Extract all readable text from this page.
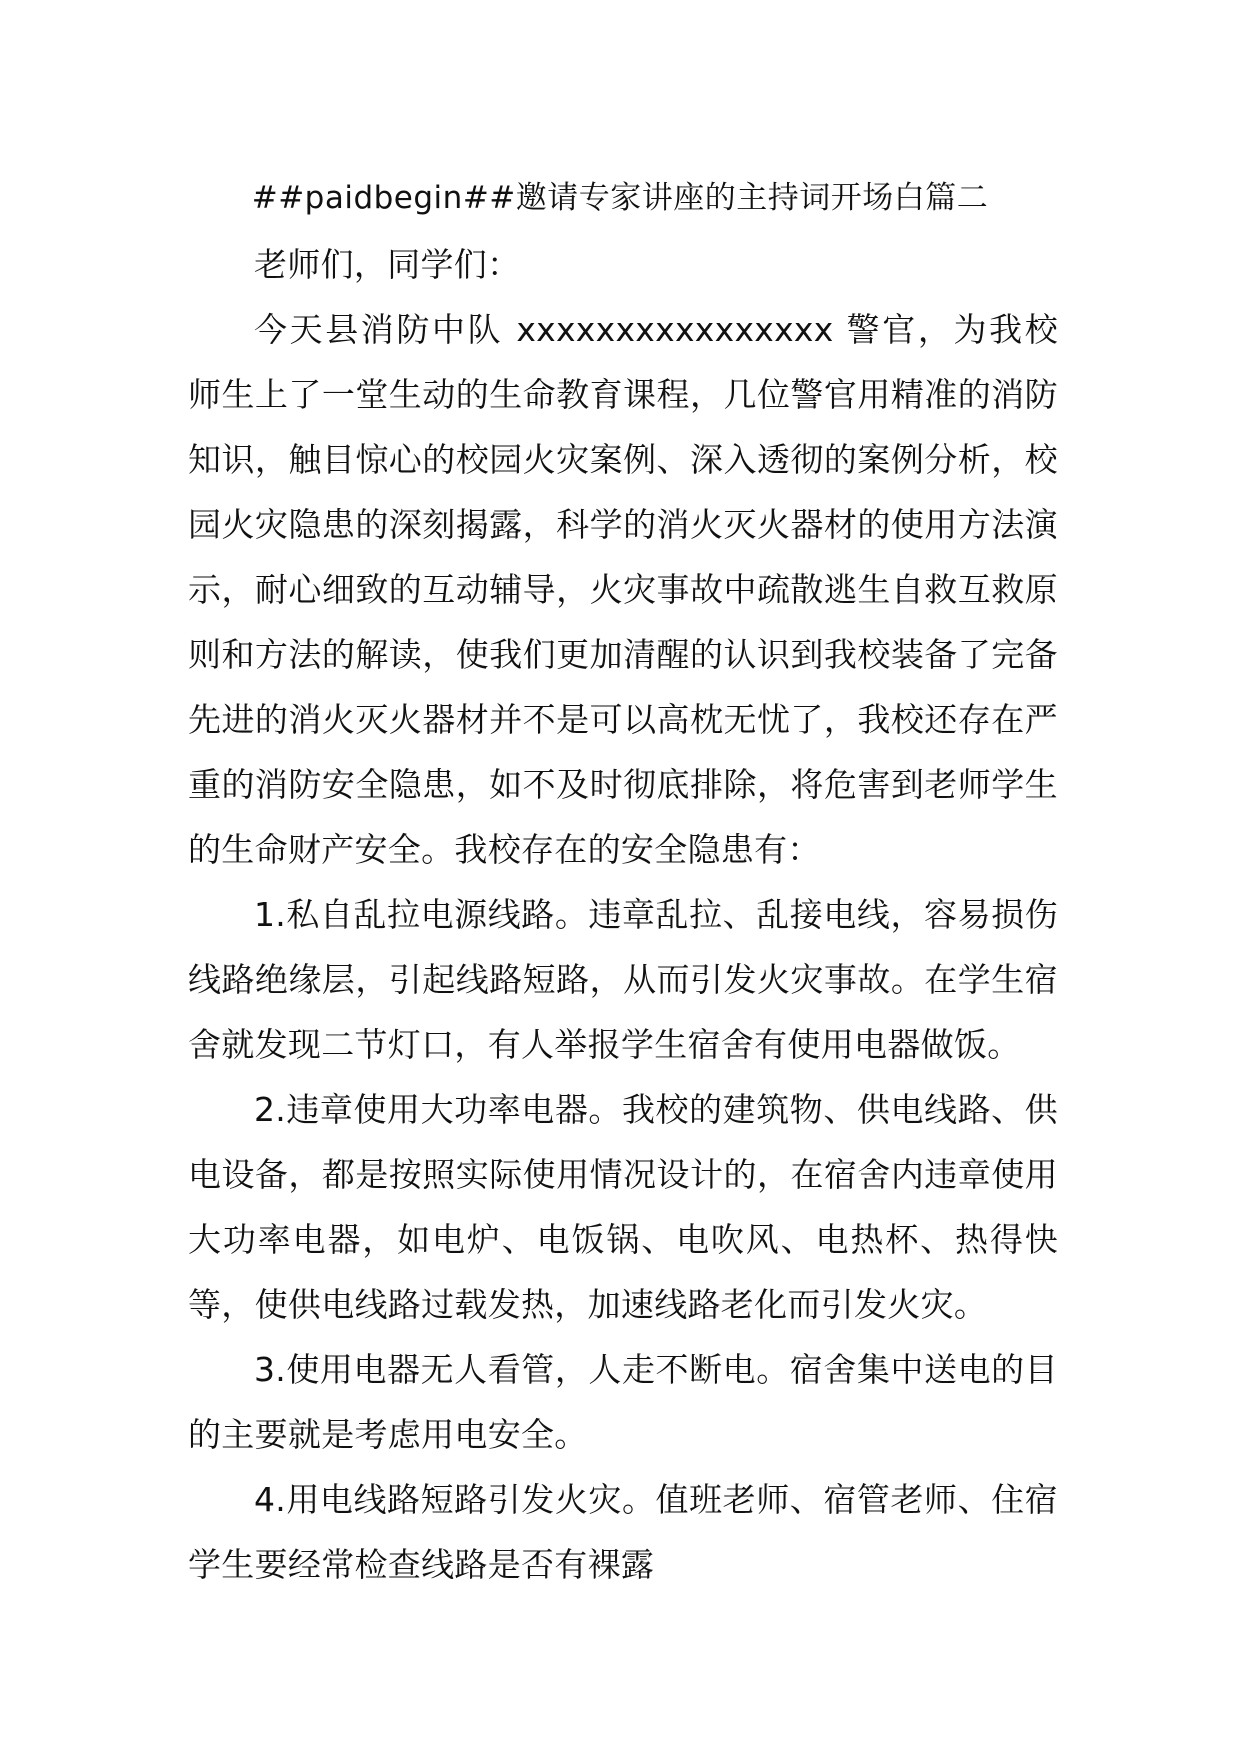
##paidbegin##邀请专家讲座的主持词开场白篇二

老师们，同学们：

今天县消防中队 xxxxxxxxxxxxxxxx 警官，为我校师生上了一堂生动的生命教育课程，几位警官用精准的消防知识，触目惊心的校园火灾案例、深入透彻的案例分析，校园火灾隐患的深刻揭露，科学的消火灭火器材的使用方法演示，耐心细致的互动辅导，火灾事故中疏散逃生自救互救原则和方法的解读，使我们更加清醒的认识到我校装备了完备先进的消火灭火器材并不是可以高枕无忧了，我校还存在严重的消防安全隐患，如不及时彻底排除，将危害到老师学生的生命财产安全。我校存在的安全隐患有：

1.私自乱拉电源线路。违章乱拉、乱接电线，容易损伤线路绝缘层，引起线路短路，从而引发火灾事故。在学生宿舍就发现二节灯口，有人举报学生宿舍有使用电器做饭。

2.违章使用大功率电器。我校的建筑物、供电线路、供电设备，都是按照实际使用情况设计的，在宿舍内违章使用大功率电器，如电炉、电饭锅、电吹风、电热杯、热得快等，使供电线路过载发热，加速线路老化而引发火灾。

3.使用电器无人看管，人走不断电。宿舍集中送电的目的主要就是考虑用电安全。

4.用电线路短路引发火灾。值班老师、宿管老师、住宿学生要经常检查线路是否有裸露
